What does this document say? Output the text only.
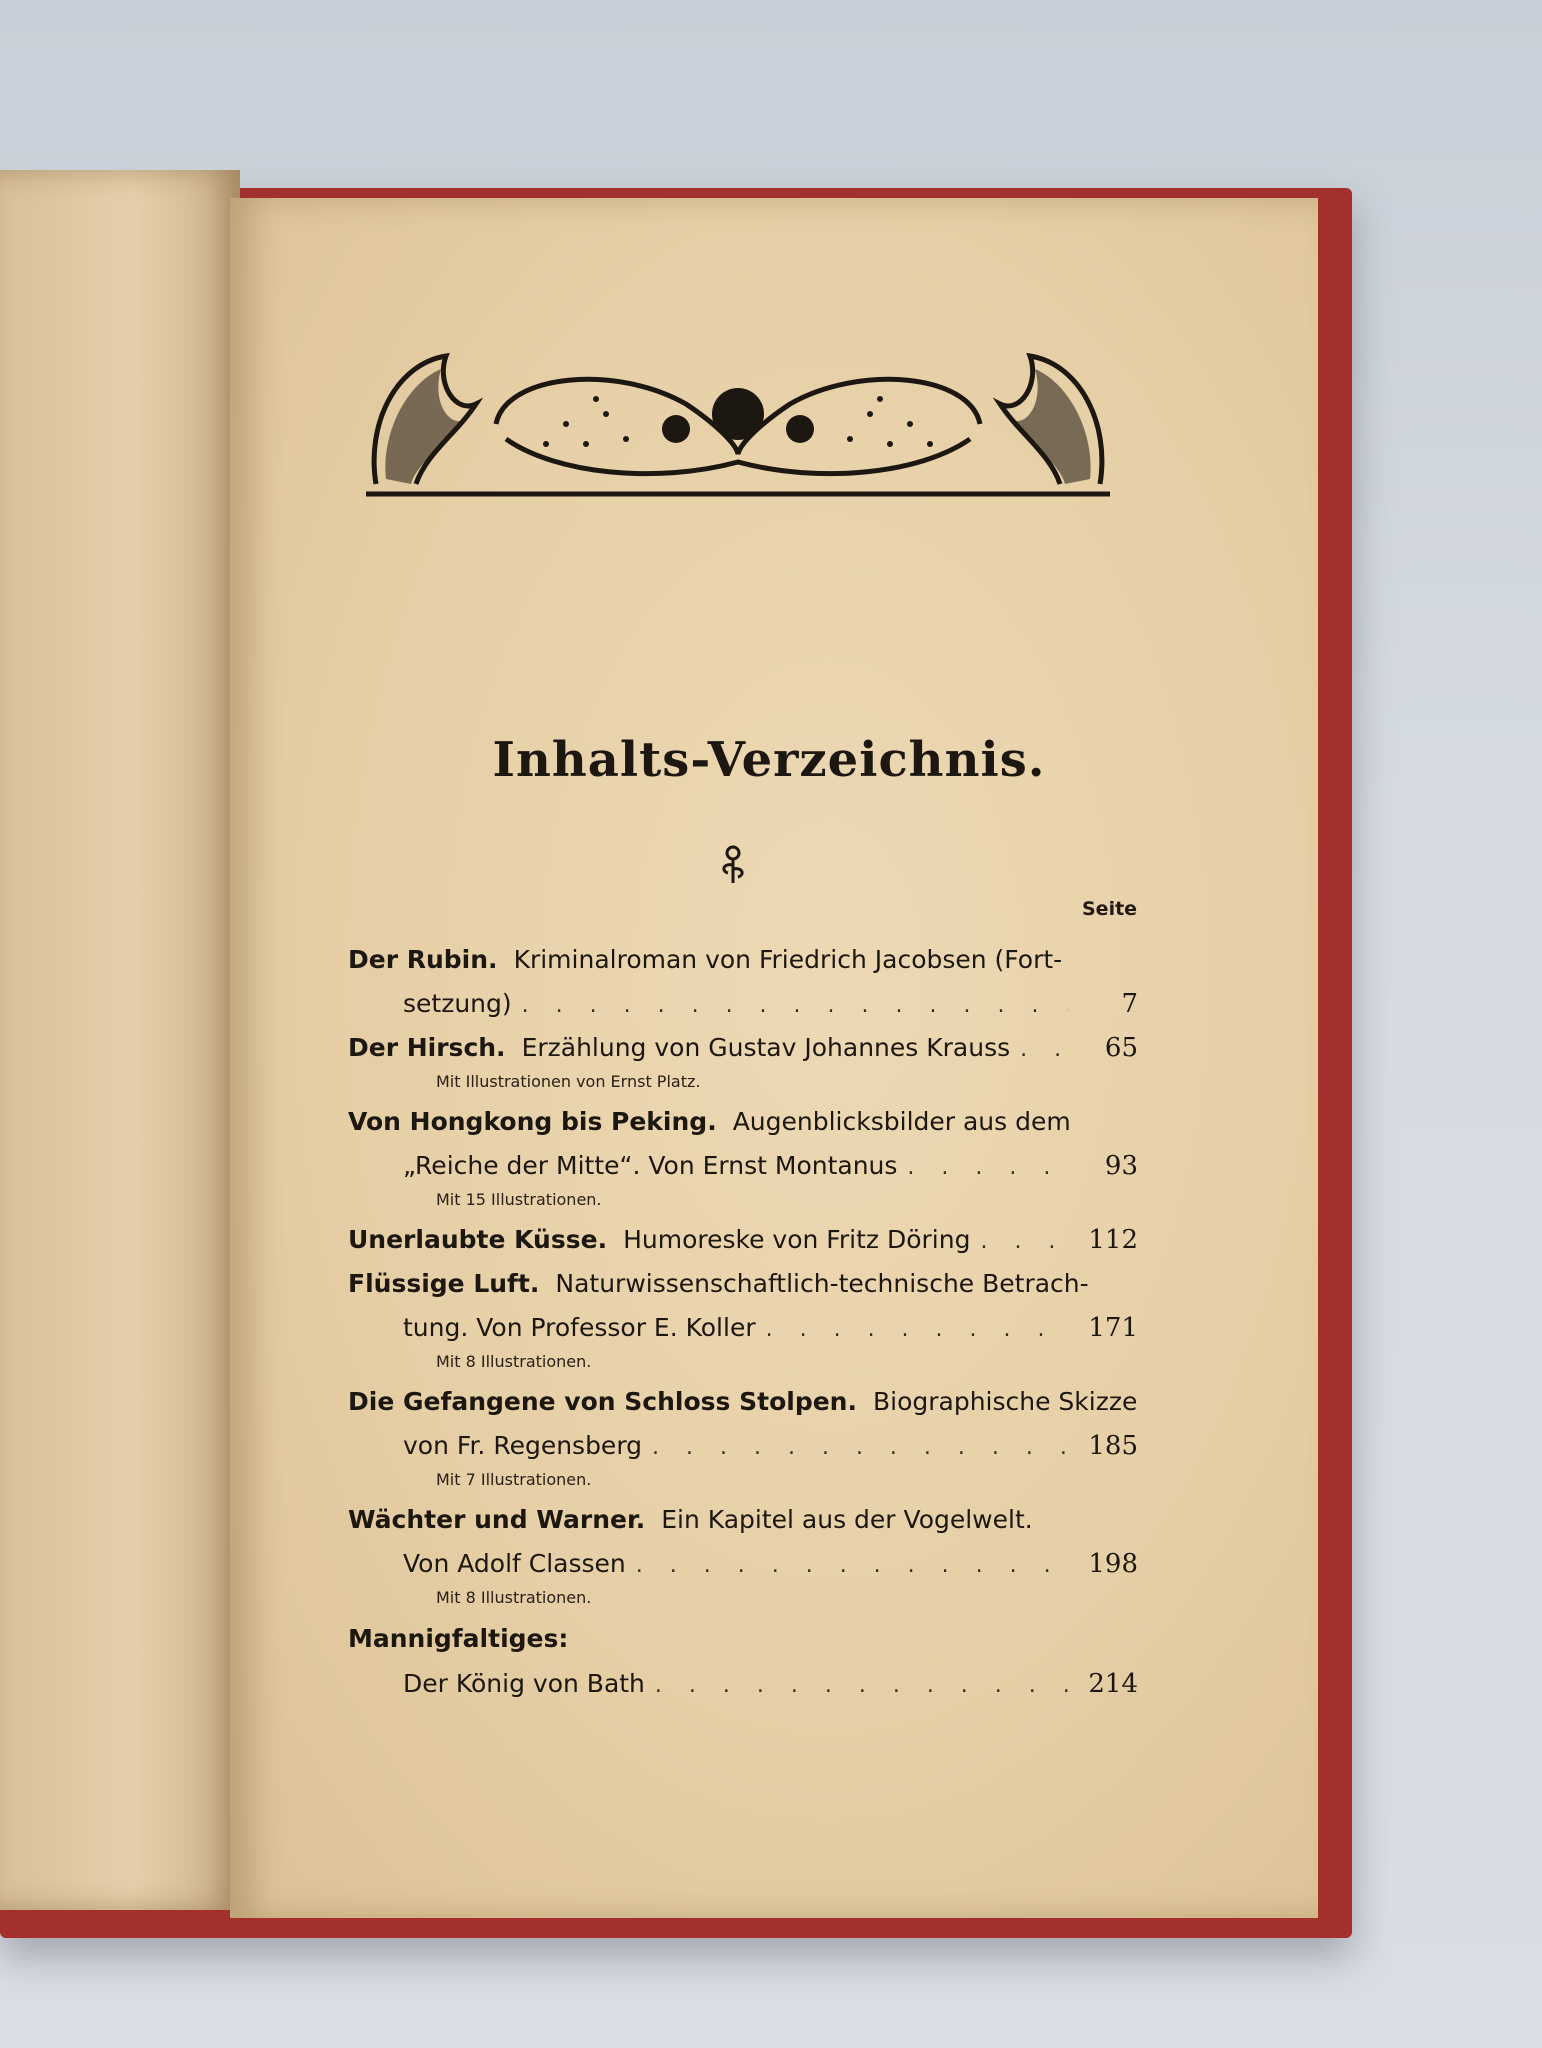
Inhalts-Verzeichnis.
Seite
Der Rubin. Kriminalroman von Friedrich Jacobsen (Fort-
setzung) . . .	7
Der Hirsch. Erzählung von Gustav Johannes Krauss . . .	65
Mit Illustrationen von Ernst Platz.
Von Hongkong bis Peking. Augenblicksbilder aus dem
„Reiche der Mitte“. Von Ernst Montanus . . .	93
Mit 15 Illustrationen.
Unerlaubte Küsse. Humoreske von Fritz Döring . . .	112
Flüssige Luft. Naturwissenschaftlich-technische Betrach-
tung. Von Professor E. Koller . . .	171
Mit 8 Illustrationen.
Die Gefangene von Schloss Stolpen. Biographische Skizze
von Fr. Regensberg . . .	185
Mit 7 Illustrationen.
Wächter und Warner. Ein Kapitel aus der Vogelwelt.
Von Adolf Classen . . .	198
Mit 8 Illustrationen.
Mannigfaltiges:
Der König von Bath . . .	214
